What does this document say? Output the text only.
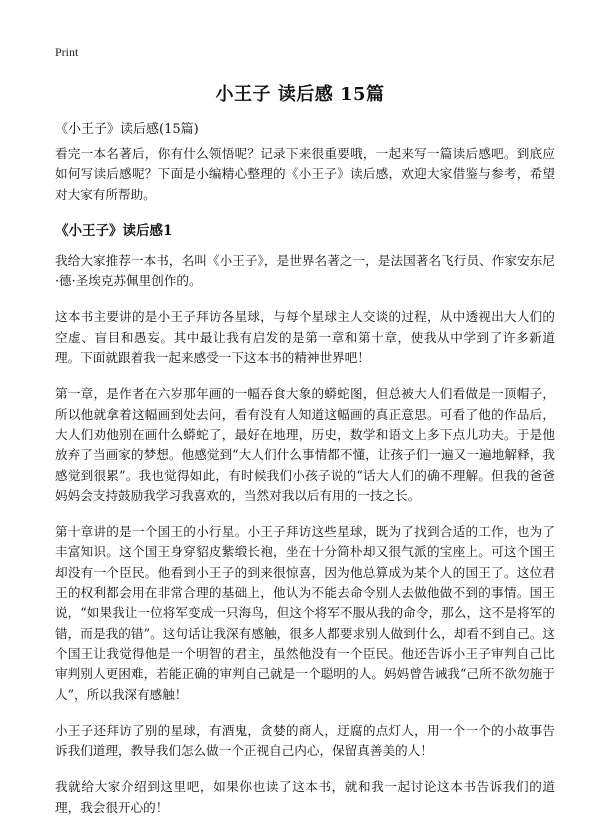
Print
小王子 读后感 15篇

《小王子》读后感(15篇)

看完一本名著后，你有什么领悟呢？记录下来很重要哦，一起来写一篇读后感吧。到底应如何写读后感呢？下面是小编精心整理的《小王子》读后感，欢迎大家借鉴与参考，希望对大家有所帮助。

《小王子》读后感1

我给大家推荐一本书，名叫《小王子》，是世界名著之一，是法国著名飞行员、作家安东尼·德·圣埃克苏佩里创作的。

这本书主要讲的是小王子拜访各星球，与每个星球主人交谈的过程，从中透视出大人们的空虚、盲目和愚妄。其中最让我有启发的是第一章和第十章，使我从中学到了许多新道理。下面就跟着我一起来感受一下这本书的精神世界吧！

第一章，是作者在六岁那年画的一幅吞食大象的蟒蛇图，但总被大人们看做是一顶帽子，所以他就拿着这幅画到处去问，看有没有人知道这幅画的真正意思。可看了他的作品后，大人们劝他别在画什么蟒蛇了，最好在地理，历史，数学和语文上多下点儿功夫。于是他放弃了当画家的梦想。他感觉到“大人们什么事情都不懂，让孩子们一遍又一遍地解释，我感觉到很累”。我也觉得如此，有时候我们小孩子说的“话大人们的确不理解。但我的爸爸妈妈会支持鼓励我学习我喜欢的，当然对我以后有用的一技之长。

第十章讲的是一个国王的小行星。小王子拜访这些星球，既为了找到合适的工作，也为了丰富知识。这个国王身穿貂皮紫缎长袍，坐在十分简朴却又很气派的宝座上。可这个国王却没有一个臣民。他看到小王子的到来很惊喜，因为他总算成为某个人的国王了。这位君王的权利都会用在非常合理的基础上，他认为不能去命令别人去做他做不到的事情。国王说，“如果我让一位将军变成一只海鸟，但这个将军不服从我的命令，那么，这不是将军的错，而是我的错”。这句话让我深有感触，很多人都要求别人做到什么，却看不到自己。这个国王让我觉得他是一个明智的君主，虽然他没有一个臣民。他还告诉小王子审判自己比审判别人更困难，若能正确的审判自己就是一个聪明的人。妈妈曾告诫我“己所不欲勿施于人”，所以我深有感触！

小王子还拜访了别的星球，有酒鬼，贪婪的商人，迂腐的点灯人，用一个一个的小故事告诉我们道理，教导我们怎么做一个正视自己内心，保留真善美的人！

我就给大家介绍到这里吧，如果你也读了这本书，就和我一起讨论这本书告诉我们的道理，我会很开心的！
